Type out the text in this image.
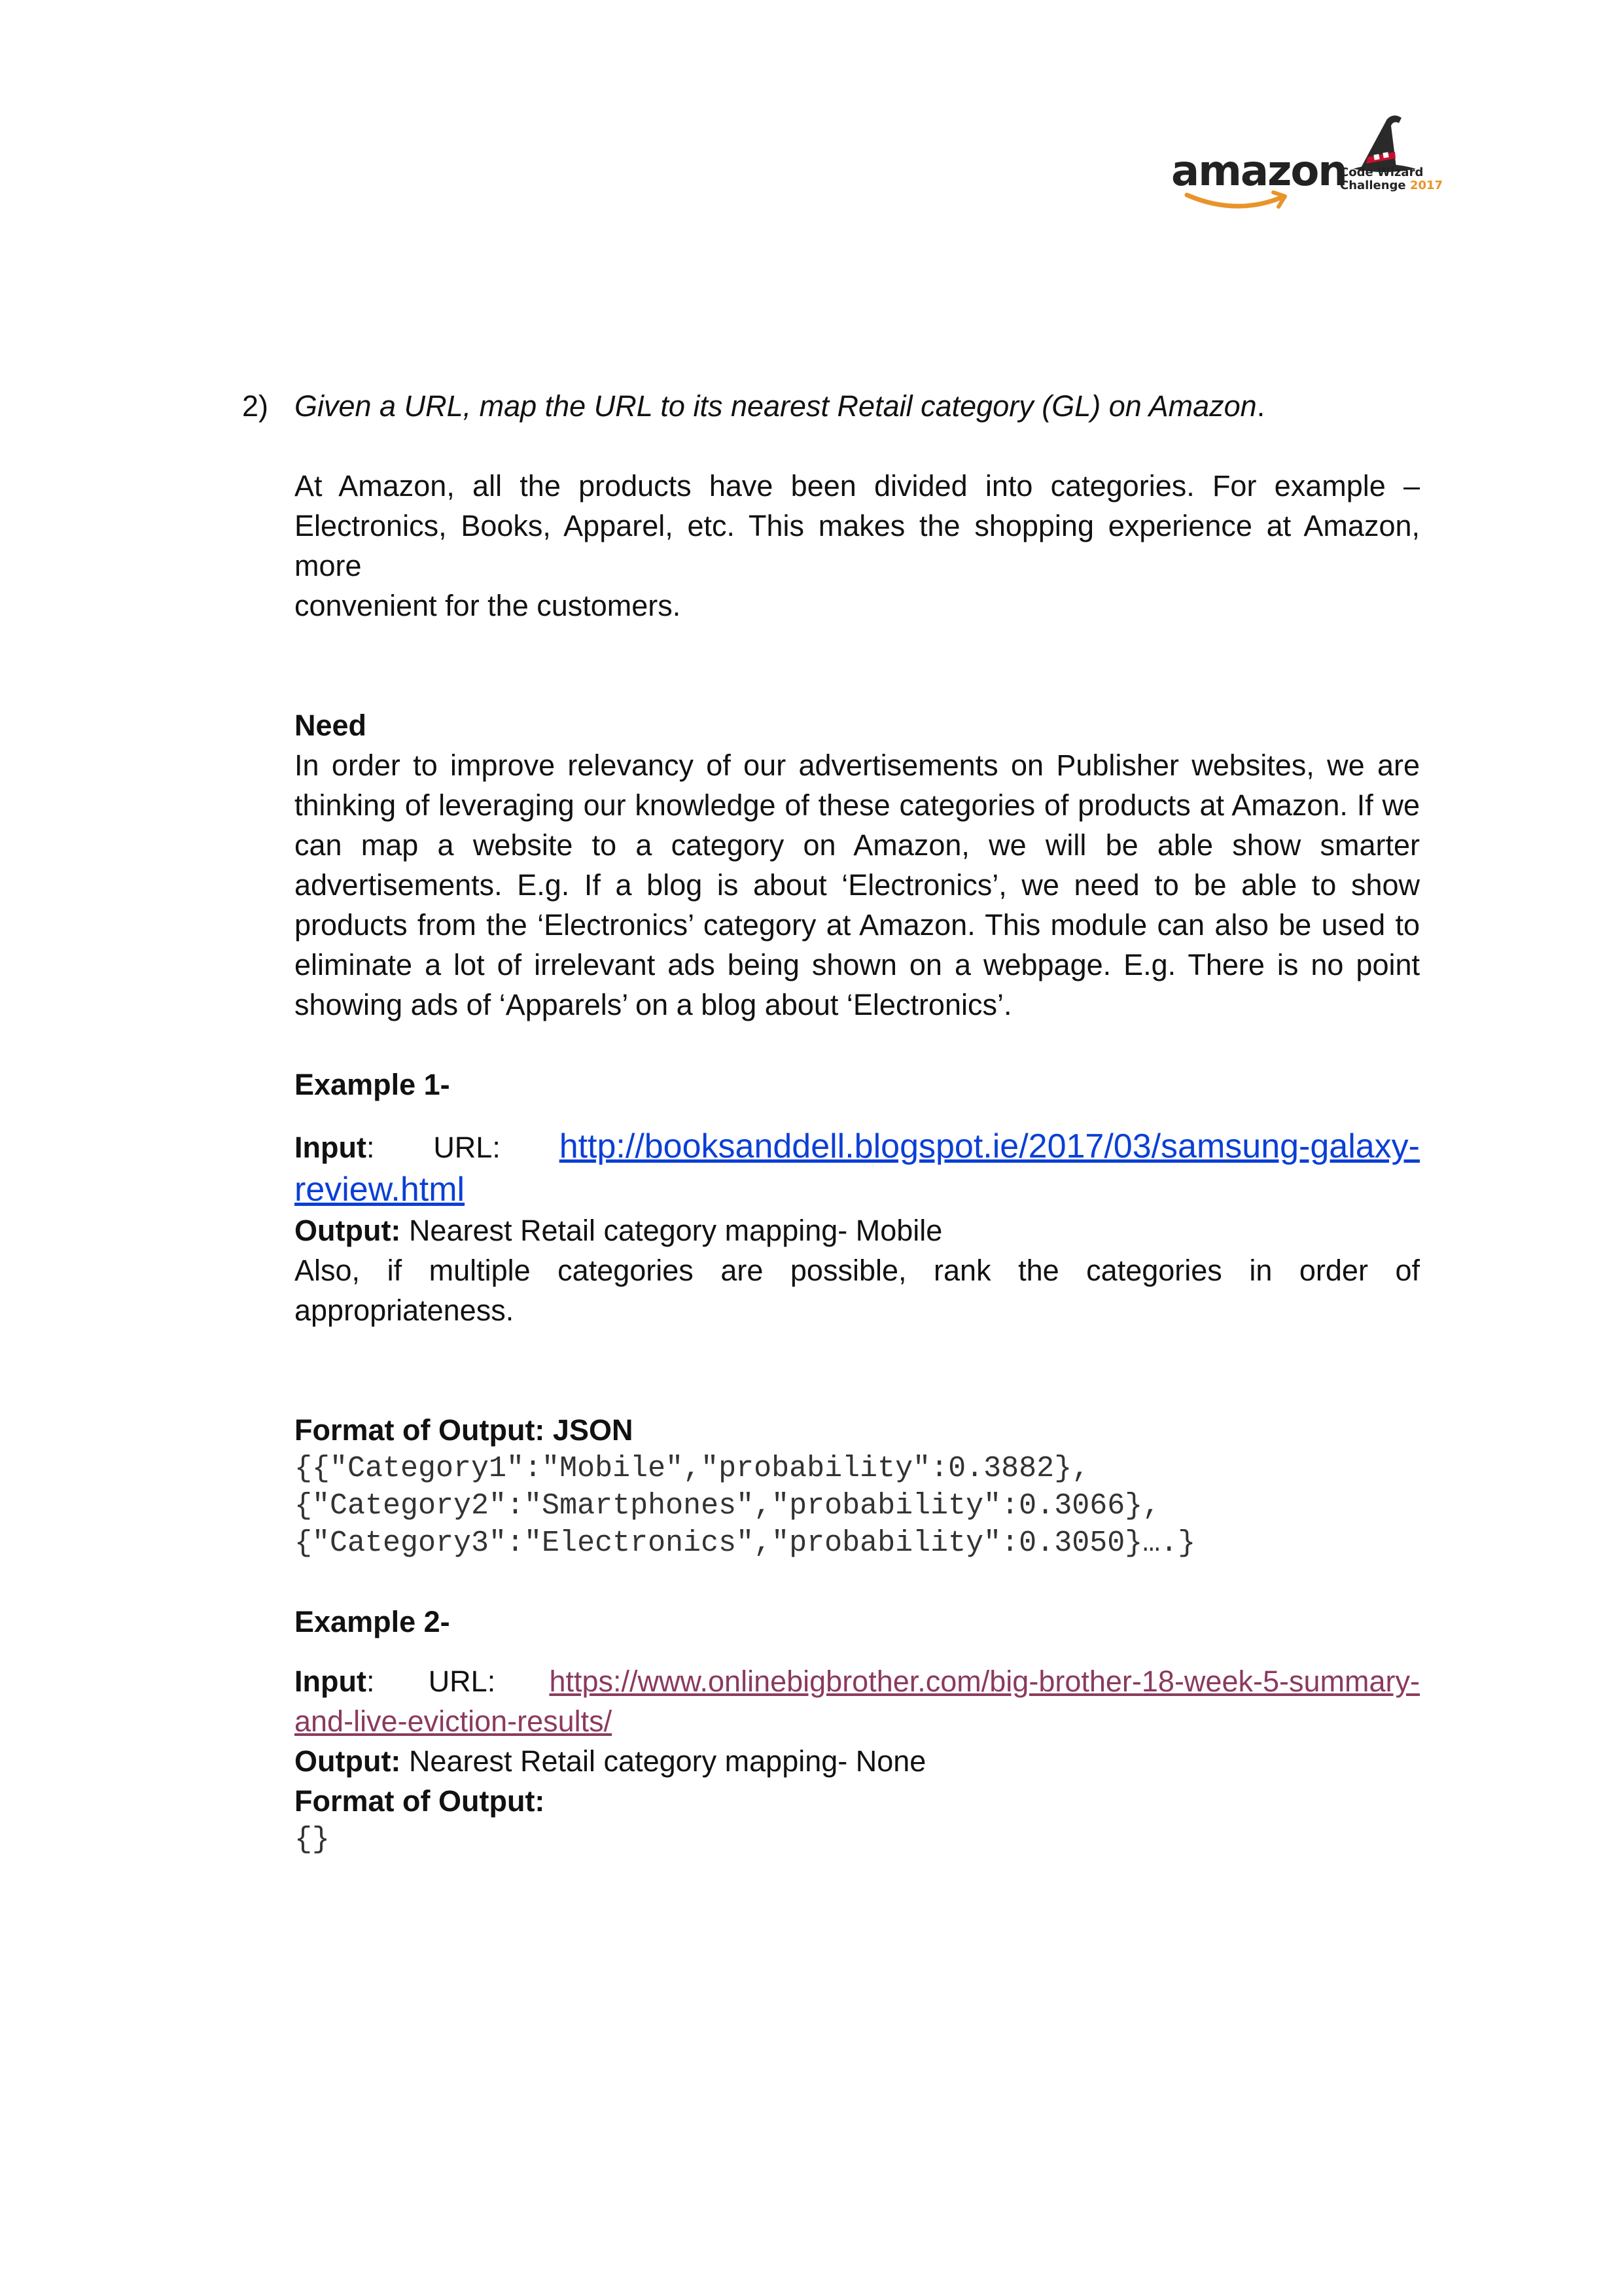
amazon
Code Wizard
Challenge 2017
2) Given a URL, map the URL to its nearest Retail category (GL) on Amazon.
At Amazon, all the products have been divided into categories. For example –
Electronics, Books, Apparel, etc. This makes the shopping experience at Amazon, more
convenient for the customers.
Need
In order to improve relevancy of our advertisements on Publisher websites, we are
thinking of leveraging our knowledge of these categories of products at Amazon. If we
can map a website to a category on Amazon, we will be able show smarter
advertisements. E.g. If a blog is about ‘Electronics’, we need to be able to show
products from the ‘Electronics’ category at Amazon. This module can also be used to
eliminate a lot of irrelevant ads being shown on a webpage. E.g. There is no point
showing ads of ‘Apparels’ on a blog about ‘Electronics’.
Example 1-
Input: URL: http://booksanddell.blogspot.ie/2017/03/samsung-galaxy-
review.html
Output: Nearest Retail category mapping- Mobile
Also, if multiple categories are possible, rank the categories in order of
appropriateness.
Format of Output: JSON
{{"Category1":"Mobile","probability":0.3882},
{"Category2":"Smartphones","probability":0.3066},
{"Category3":"Electronics","probability":0.3050}….}
Example 2-
Input: URL: https://www.onlinebigbrother.com/big-brother-18-week-5-summary-
and-live-eviction-results/
Output: Nearest Retail category mapping- None
Format of Output:
{}
